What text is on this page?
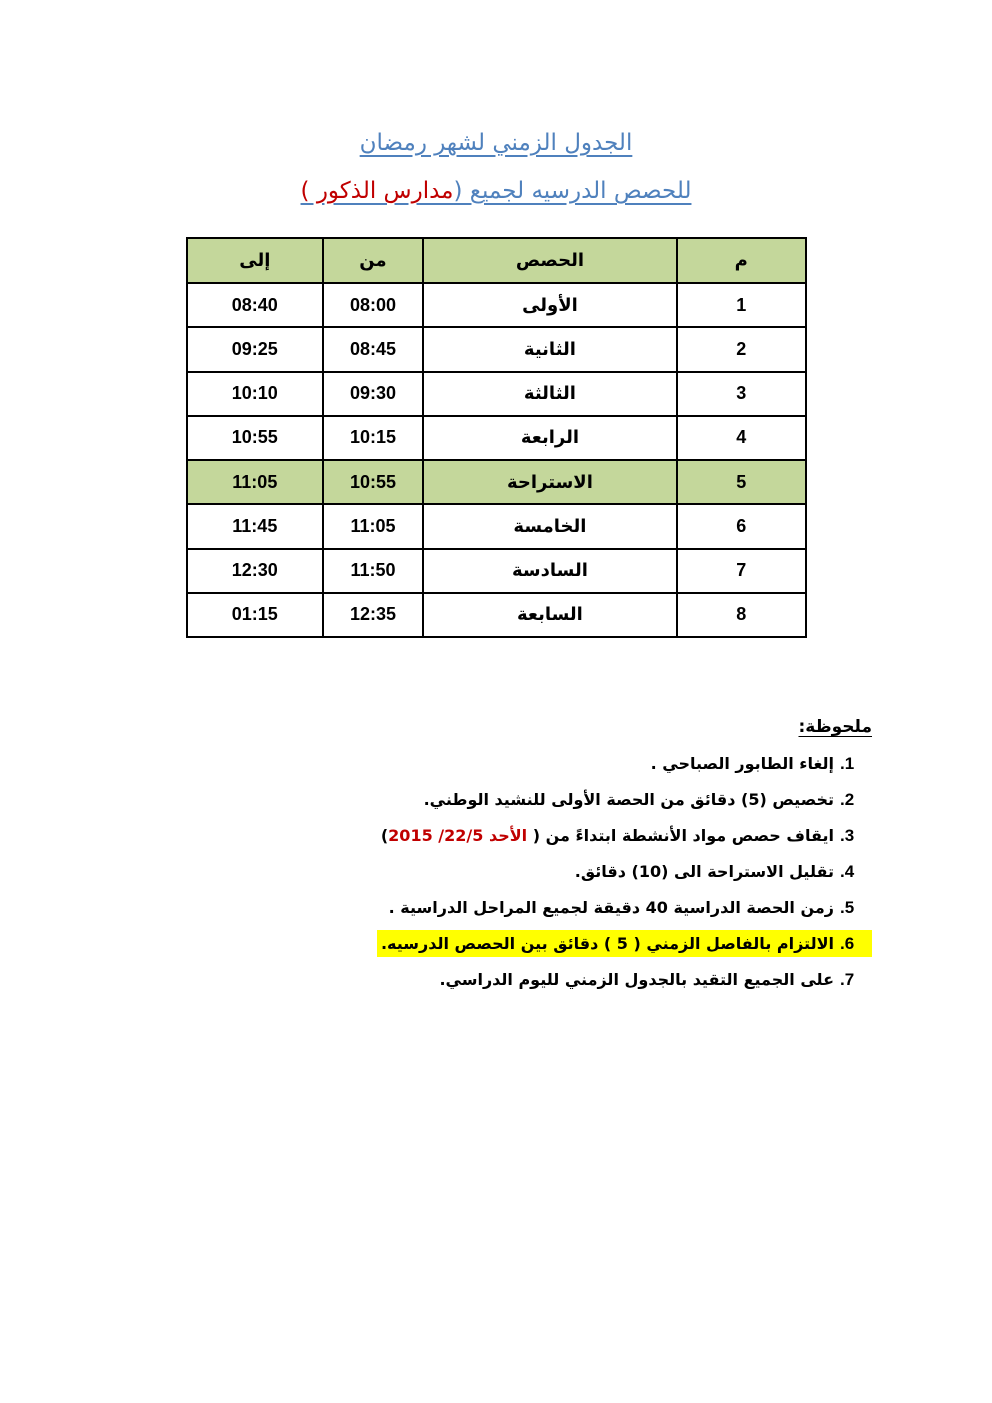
الجدول الزمني لشهر رمضان
للحصص الدرسيه لجميع (مدارس الذكور )
م	الحصص	من	إلى
1	الأولى	08:00	08:40
2	الثانية	08:45	09:25
3	الثالثة	09:30	10:10
4	الرابعة	10:15	10:55
5	الاستراحة	10:55	11:05
6	الخامسة	11:05	11:45
7	السادسة	11:50	12:30
8	السابعة	12:35	01:15
ملحوظة:
1.إلغاء الطابور الصباحي .
2.تخصيص (5) دقائق من الحصة الأولى للنشيد الوطني.
3.ايقاف حصص مواد الأنشطة ابتداءً من ( الأحد 22/5/ 2015)
4.تقليل الاستراحة الى (10) دقائق.
5.زمن الحصة الدراسية 40 دقيقة لجميع المراحل الدراسية .
6.الالتزام بالفاصل الزمني ( 5 ) دقائق بين الحصص الدرسيه.
7.على الجميع التقيد بالجدول الزمني لليوم الدراسي.
